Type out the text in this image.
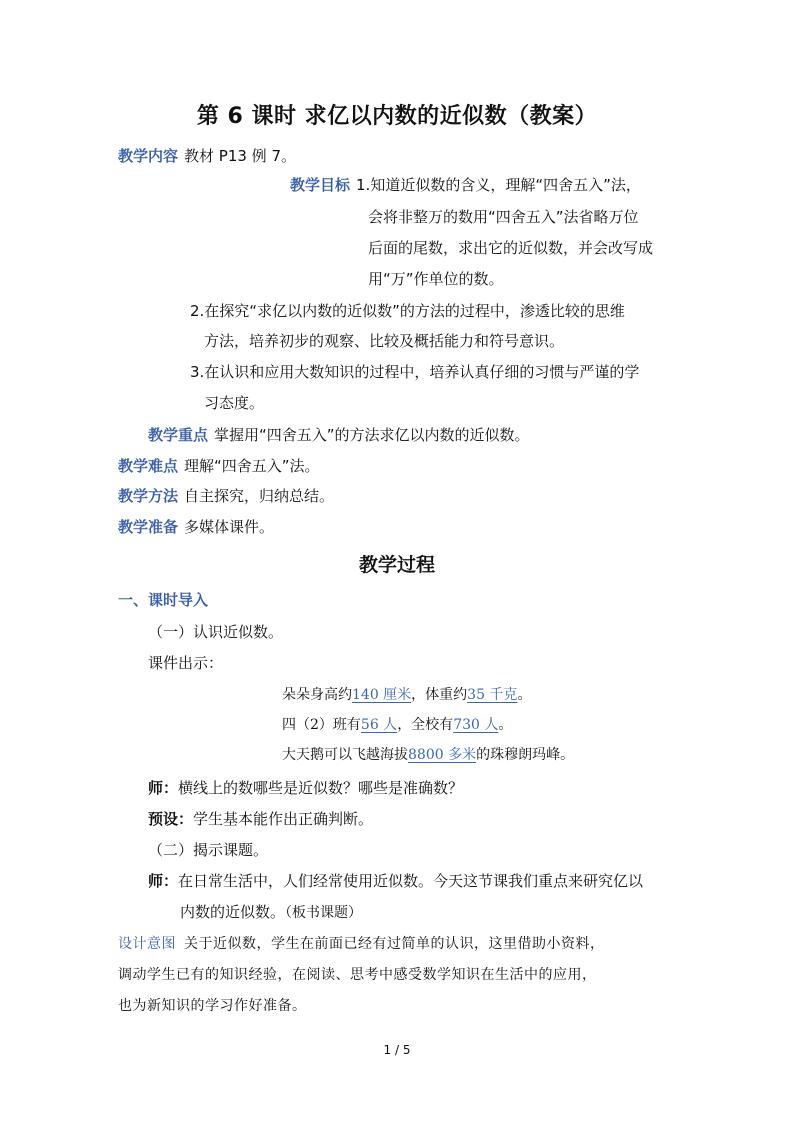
第 6 课时 求亿以内数的近似数（教案）
教学内容 教材 P13 例 7。
教学目标 1.知道近似数的含义，理解“四舍五入”法，
会将非整万的数用“四舍五入”法省略万位
后面的尾数，求出它的近似数，并会改写成
用“万”作单位的数。
2.在探究“求亿以内数的近似数”的方法的过程中，渗透比较的思维
方法，培养初步的观察、比较及概括能力和符号意识。
3.在认识和应用大数知识的过程中，培养认真仔细的习惯与严谨的学
习态度。
教学重点 掌握用“四舍五入”的方法求亿以内数的近似数。
教学难点 理解“四舍五入”法。
教学方法 自主探究，归纳总结。
教学准备 多媒体课件。
教学过程
一、课时导入
（一）认识近似数。
课件出示：
朵朵身高约140 厘米，体重约35 千克。
四（2）班有56 人，全校有730 人。
大天鹅可以飞越海拔8800 多米的珠穆朗玛峰。
师：横线上的数哪些是近似数？哪些是准确数？
预设：学生基本能作出正确判断。
（二）揭示课题。
师：在日常生活中，人们经常使用近似数。今天这节课我们重点来研究亿以
内数的近似数。（板书课题）
设计意图 关于近似数，学生在前面已经有过简单的认识，这里借助小资料，
调动学生已有的知识经验，在阅读、思考中感受数学知识在生活中的应用，
也为新知识的学习作好准备。
1 / 5
